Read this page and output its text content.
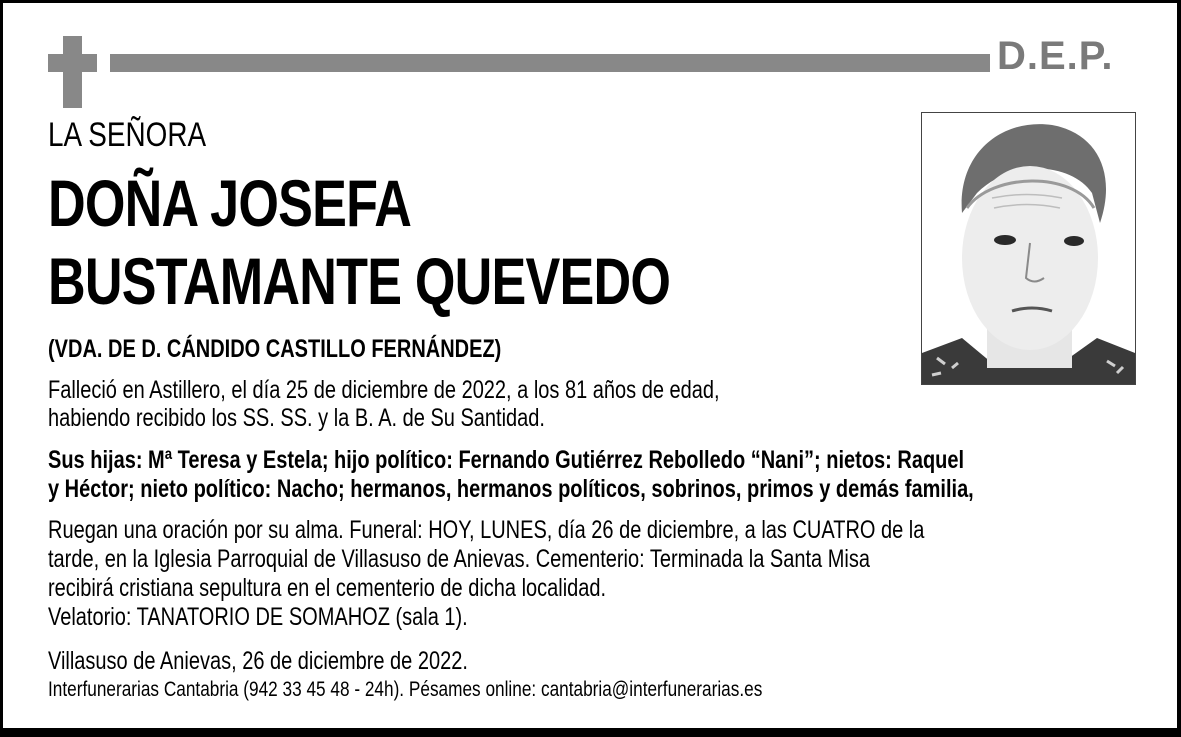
D.E.P.
LA SEÑORA
DOÑA JOSEFA
BUSTAMANTE QUEVEDO
(VDA. DE D. CÁNDIDO CASTILLO FERNÁNDEZ)
Falleció en Astillero, el día 25 de diciembre de 2022, a los 81 años de edad,
habiendo recibido los SS. SS. y la B. A. de Su Santidad.
Sus hijas: Mª Teresa y Estela; hijo político: Fernando Gutiérrez Rebolledo “Nani”; nietos: Raquel
y Héctor; nieto político: Nacho; hermanos, hermanos políticos, sobrinos, primos y demás familia,
Ruegan una oración por su alma. Funeral: HOY, LUNES, día 26 de diciembre, a las CUATRO de la
tarde, en la Iglesia Parroquial de Villasuso de Anievas. Cementerio: Terminada la Santa Misa
recibirá cristiana sepultura en el cementerio de dicha localidad.
Velatorio: TANATORIO DE SOMAHOZ (sala 1).
Villasuso de Anievas, 26 de diciembre de 2022.
Interfunerarias Cantabria (942 33 45 48 - 24h). Pésames online: cantabria@interfunerarias.es
